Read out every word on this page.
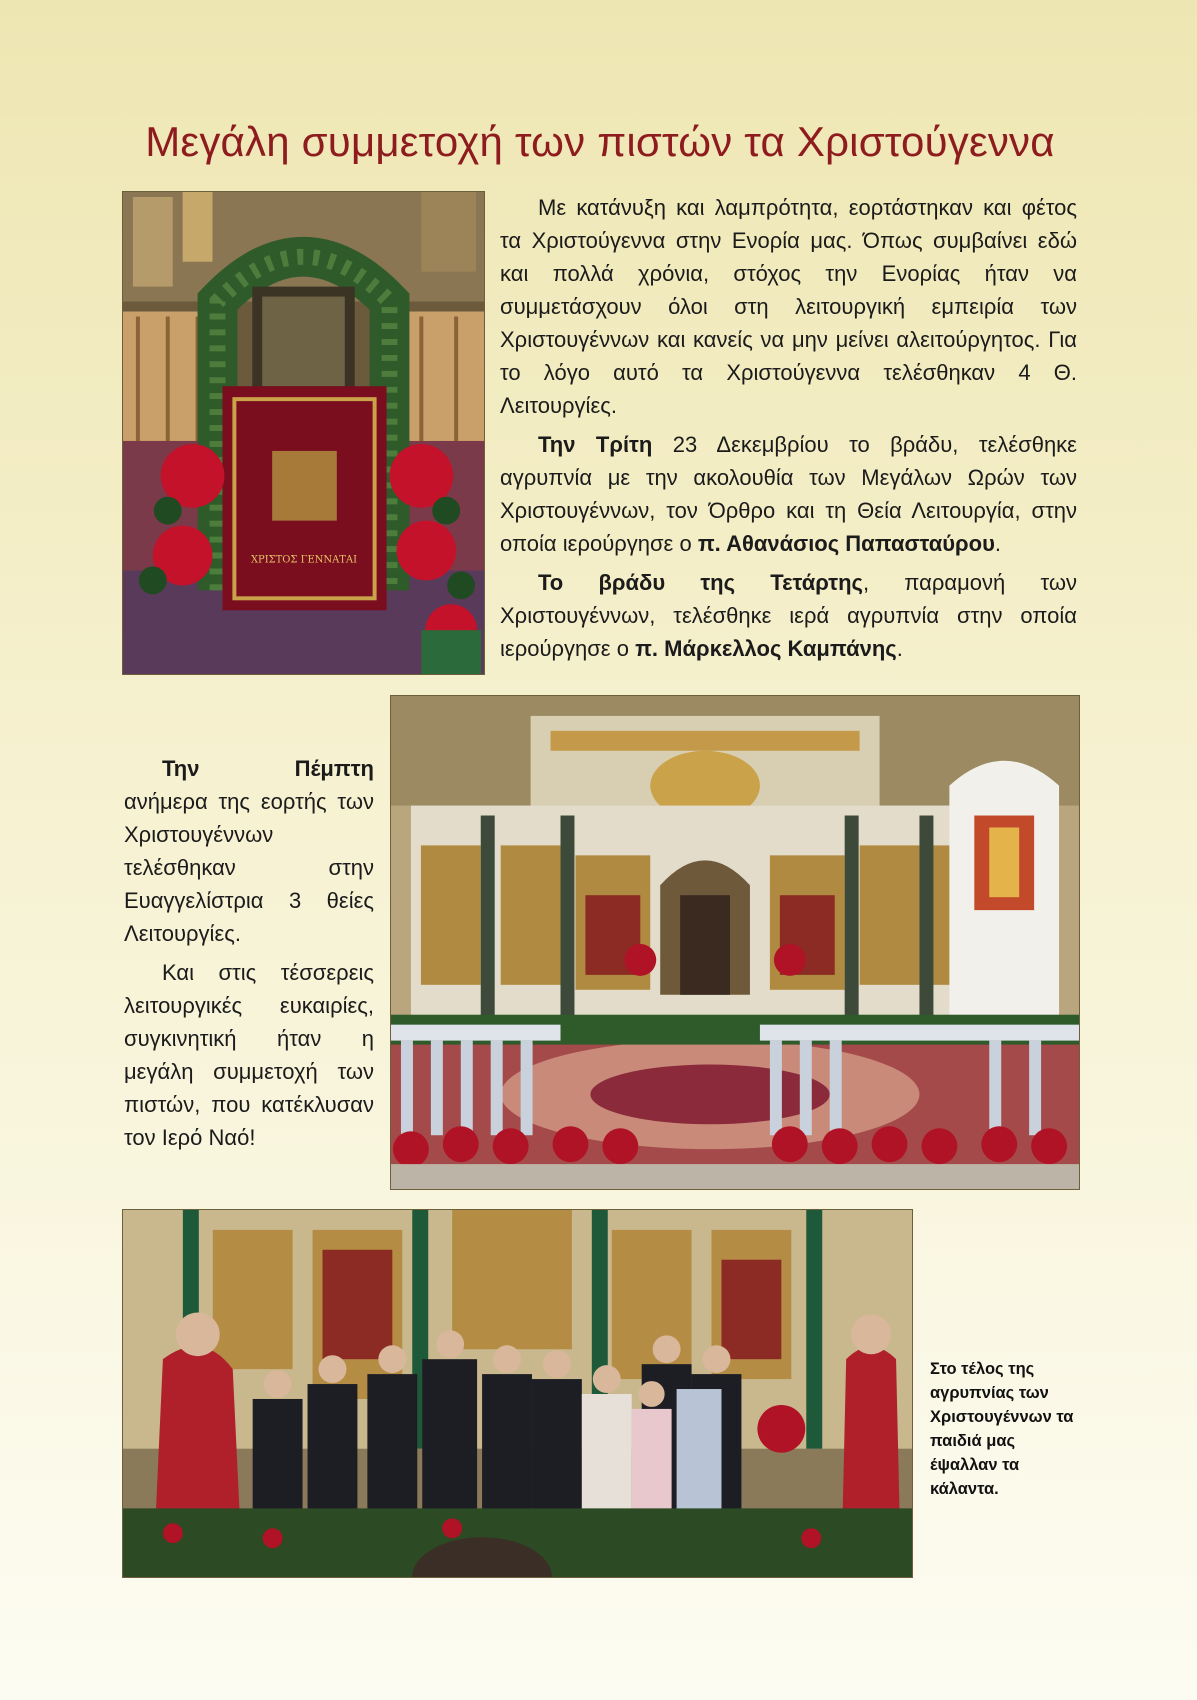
Μεγάλη συμμετοχή των πιστών τα Χριστούγεννα
ΧΡΙΣΤΟΣ ΓΕΝΝΑΤΑΙ

Με κατάνυξη και λαμπρότητα, εορτάστηκαν και φέτος τα Χριστούγεννα στην Ενορία μας. Όπως συμβαίνει εδώ και πολλά χρόνια, στόχος την Ενορίας ήταν να συμμετάσχουν όλοι στη λειτουργική εμπειρία των Χριστουγέννων και κανείς να μην μείνει αλειτούργητος. Για το λόγο αυτό τα Χριστούγεννα τελέσθηκαν 4 Θ. Λειτουργίες.

Την Τρίτη 23 Δεκεμβρίου το βράδυ, τελέσθηκε αγρυπνία με την ακολουθία των Μεγάλων Ωρών των Χριστουγέννων, τον Όρθρο και τη Θεία Λειτουργία, στην οποία ιερούργησε ο π. Αθανάσιος Παπασταύρου.

Το βράδυ της Τετάρτης, παραμονή των Χριστουγέννων, τελέσθηκε ιερά αγρυπνία στην οποία ιερούργησε ο π. Μάρκελλος Καμπάνης.

Την Πέμπτη ανήμερα της εορτής των Χριστουγέννων τελέσθηκαν στην Ευαγγελίστρια 3 θείες Λειτουργίες.

Και στις τέσσερεις λειτουργικές ευκαιρίες, συγκινητική ήταν η μεγάλη συμμετοχή των πιστών, που κατέκλυσαν τον Ιερό Ναό!

Στο τέλος της αγρυπνίας των Χριστουγέννων τα παιδιά μας έψαλλαν τα κάλαντα.
